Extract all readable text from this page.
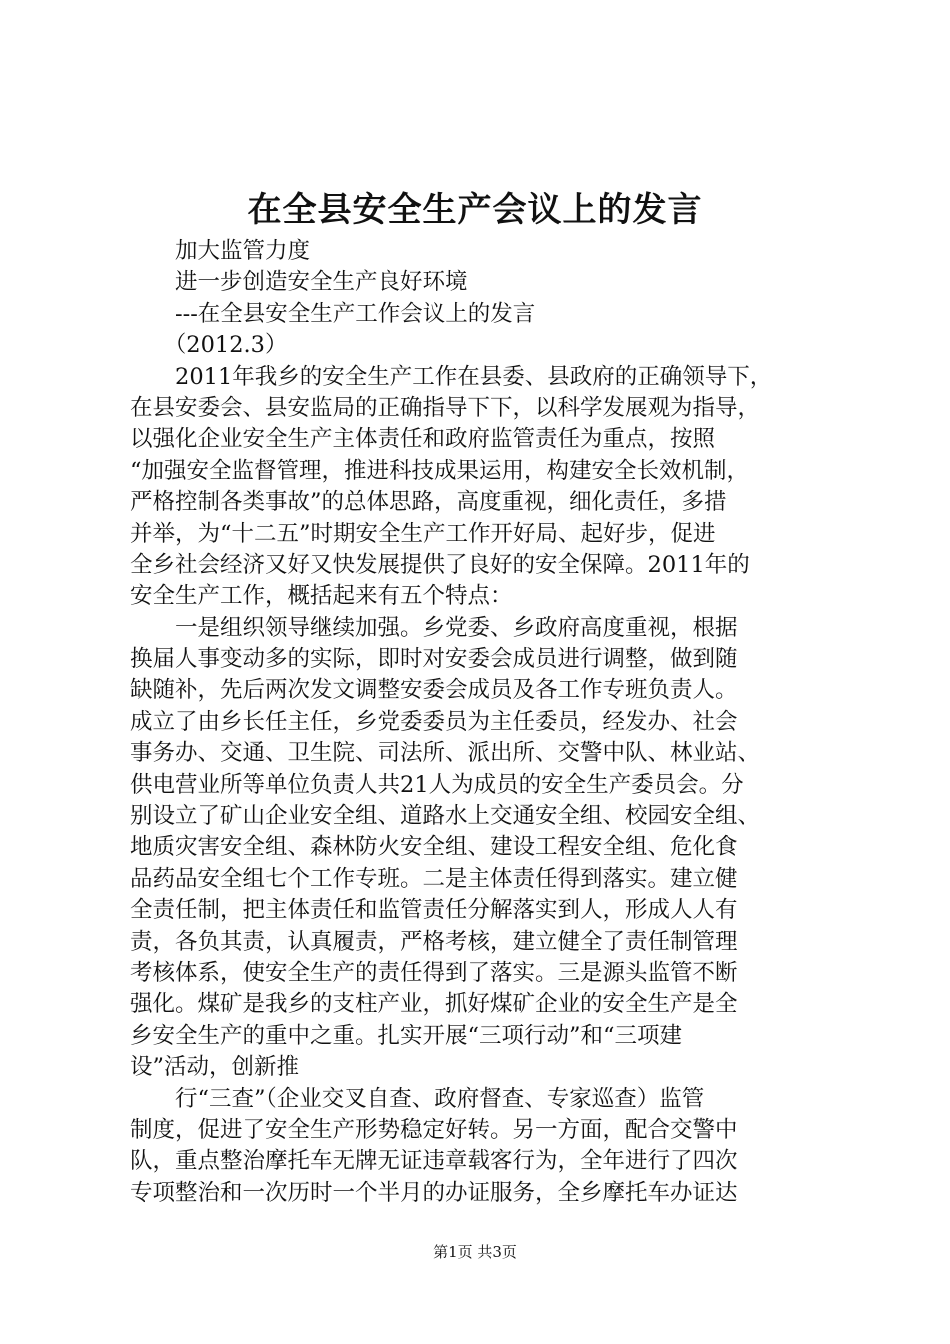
在全县安全生产会议上的发言
　　加大监管力度
　　进一步创造安全生产良好环境
　　---在全县安全生产工作会议上的发言
　　（2012.3）
　　2011年我乡的安全生产工作在县委、县政府的正确领导下，
在县安委会、县安监局的正确指导下下，以科学发展观为指导，
以强化企业安全生产主体责任和政府监管责任为重点，按照
“加强安全监督管理，推进科技成果运用，构建安全长效机制，
严格控制各类事故”的总体思路，高度重视，细化责任，多措
并举，为“十二五”时期安全生产工作开好局、起好步，促进
全乡社会经济又好又快发展提供了良好的安全保障。2011年的
安全生产工作，概括起来有五个特点：
　　一是组织领导继续加强。乡党委、乡政府高度重视，根据
换届人事变动多的实际，即时对安委会成员进行调整，做到随
缺随补，先后两次发文调整安委会成员及各工作专班负责人。
成立了由乡长任主任，乡党委委员为主任委员，经发办、社会
事务办、交通、卫生院、司法所、派出所、交警中队、林业站、
供电营业所等单位负责人共21人为成员的安全生产委员会。分
别设立了矿山企业安全组、道路水上交通安全组、校园安全组、
地质灾害安全组、森林防火安全组、建设工程安全组、危化食
品药品安全组七个工作专班。二是主体责任得到落实。建立健
全责任制，把主体责任和监管责任分解落实到人，形成人人有
责，各负其责，认真履责，严格考核，建立健全了责任制管理
考核体系，使安全生产的责任得到了落实。三是源头监管不断
强化。煤矿是我乡的支柱产业，抓好煤矿企业的安全生产是全
乡安全生产的重中之重。扎实开展“三项行动”和“三项建
设”活动，创新推
　　行“三查”（企业交叉自查、政府督查、专家巡查）监管
制度，促进了安全生产形势稳定好转。另一方面，配合交警中
队，重点整治摩托车无牌无证违章载客行为，全年进行了四次
专项整治和一次历时一个半月的办证服务，全乡摩托车办证达
第1页 共3页
